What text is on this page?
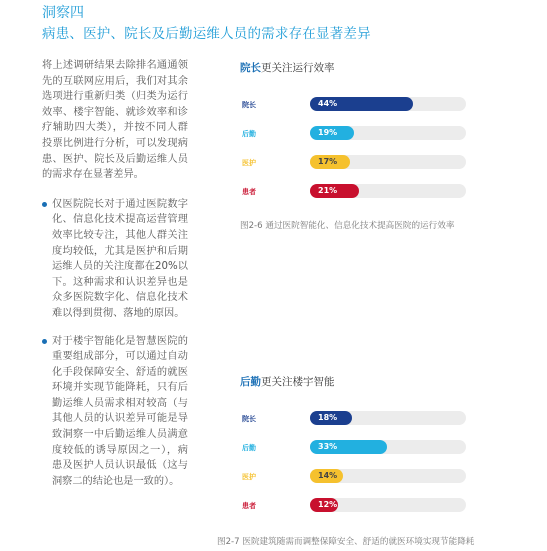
洞察四
病患、医护、院长及后勤运维人员的需求存在显著差异

将上述调研结果去除排名通通领先的互联网应用后，我们对其余选项进行重新归类（归类为运行效率、楼宇智能、就诊效率和诊疗辅助四大类），并按不同人群投票比例进行分析，可以发现病患、医护、院长及后勤运维人员的需求存在显著差异。

仅医院院长对于通过医院数字化、信息化技术提高运营管理效率比较专注，其他人群关注度均较低，尤其是医护和后期运维人员的关注度都在20%以下。这种需求和认识差异也是众多医院数字化、信息化技术难以得到贯彻、落地的原因。
对于楼宇智能化是智慧医院的重要组成部分，可以通过自动化手段保障安全、舒适的就医环境并实现节能降耗，只有后勤运维人员需求相对较高（与其他人员的认识差异可能是导致洞察一中后勤运维人员满意度较低的诱导原因之一），病患及医护人员认识最低（这与洞察二的结论也是一致的）。
院长更关注运行效率
院长	44%
后勤	19%
医护	17%
患者	21%
图2-6 通过医院智能化、信息化技术提高医院的运行效率
后勤更关注楼宇智能
院长	18%
后勤	33%
医护	14%
患者	12%
图2-7 医院建筑随需而调整保障安全、舒适的就医环境实现节能降耗
